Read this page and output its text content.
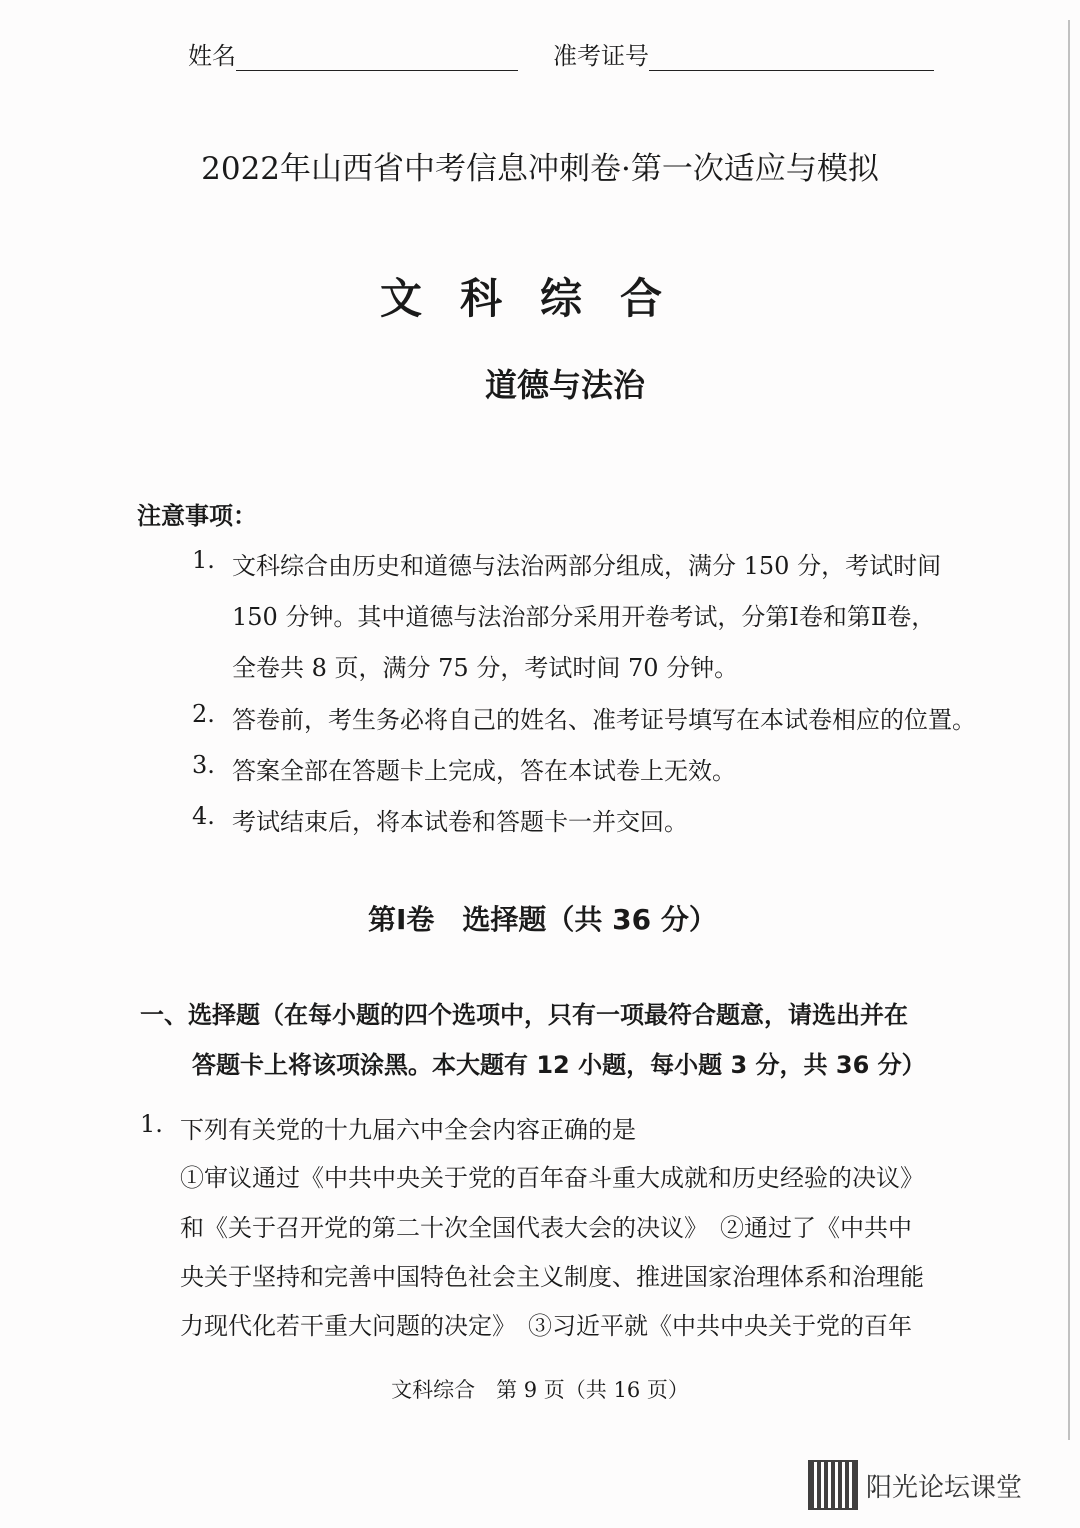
姓名	准考证号
2022年山西省中考信息冲刺卷·第一次适应与模拟
文科综合
道德与法治
注意事项：
1. 文科综合由历史和道德与法治两部分组成，满分 150 分，考试时间
150 分钟。其中道德与法治部分采用开卷考试，分第Ⅰ卷和第Ⅱ卷，
全卷共 8 页，满分 75 分，考试时间 70 分钟。
2. 答卷前，考生务必将自己的姓名、准考证号填写在本试卷相应的位置。
3. 答案全部在答题卡上完成，答在本试卷上无效。
4. 考试结束后，将本试卷和答题卡一并交回。
第Ⅰ卷　选择题（共 36 分）
一、选择题 （在每小题的四个选项中，只有一项最符合题意，请选出并在
答题卡上将该项涂黑。本大题有 12 小题，每小题 3 分，共 36 分）
1. 下列有关党的十九届六中全会内容正确的是
①审议通过《中共中央关于党的百年奋斗重大成就和历史经验的决议》
和《关于召开党的第二十次全国代表大会的决议》　②通过了《中共中
央关于坚持和完善中国特色社会主义制度、推进国家治理体系和治理能
力现代化若干重大问题的决定》　③习近平就《中共中央关于党的百年
文科综合　第 9 页（共 16 页）
阳光论坛课堂
